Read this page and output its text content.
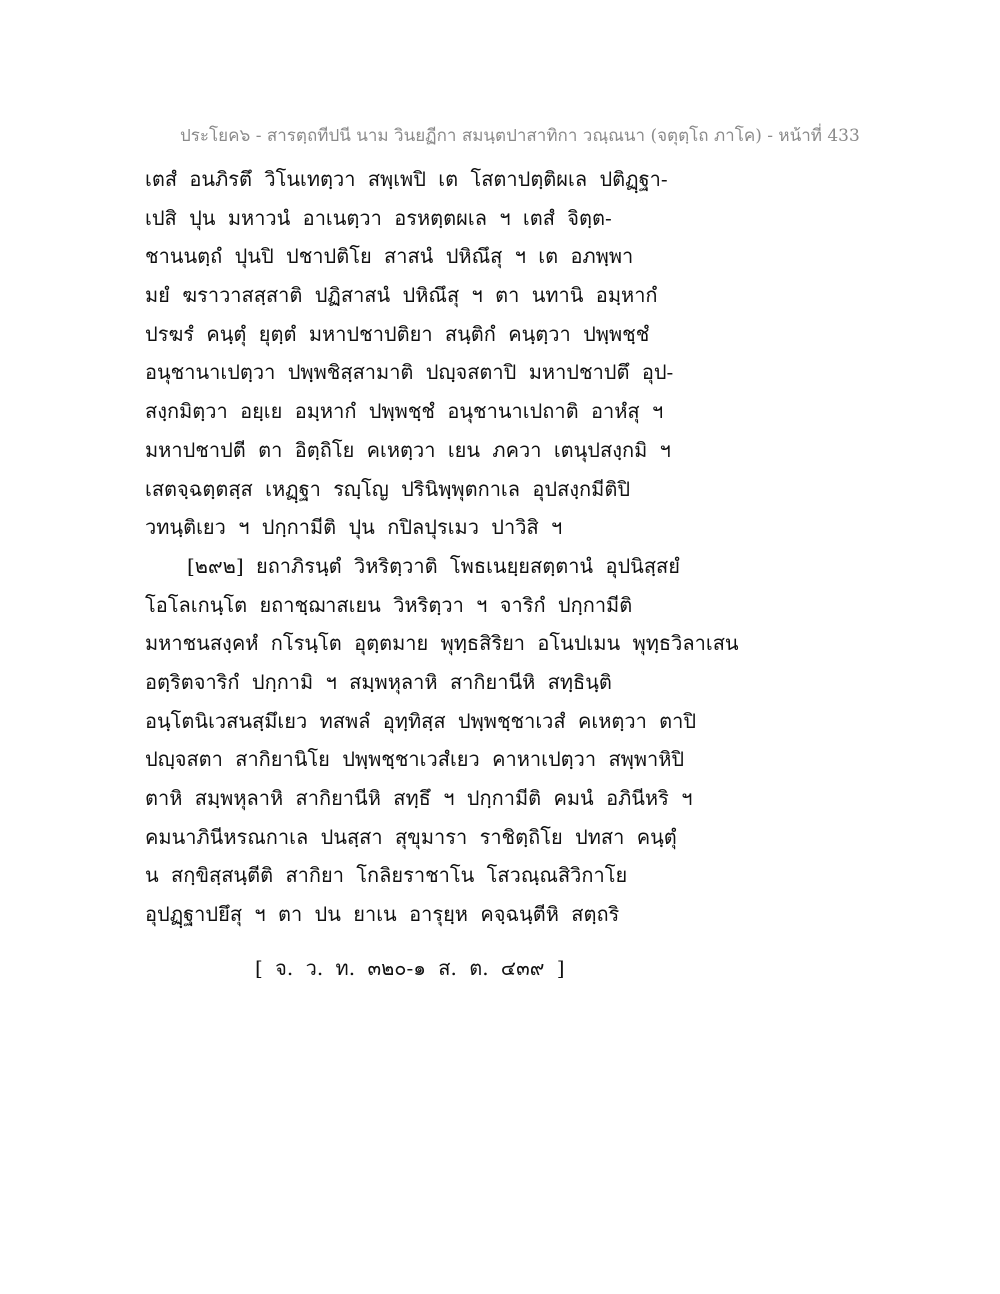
ประโยค๖ - สารตฺถทีปนี นาม วินยฏีกา สมนฺตปาสาทิกา วณฺณนา (จตุตฺโถ ภาโค) - หน้าที่ 433
เตสํ อนภิรตึ วิโนเทตฺวา สพฺเพปิ เต โสตาปตฺติผเล ปติฏฺฐา-
เปสิ ปุน มหาวนํ อาเนตฺวา อรหตฺตผเล ฯ เตสํ จิตฺต-
ชานนตฺถํ ปุนปิ ปชาปติโย สาสนํ ปหิณึสุ ฯ เต อภพฺพา
มยํ ฆราวาสสฺสาติ ปฏิสาสนํ ปหิณึสุ ฯ ตา นทานิ อมฺหากํ
ปรฆรํ คนฺตุํ ยุตฺตํ มหาปชาปติยา สนฺติกํ คนฺตฺวา ปพฺพชฺชํ
อนุชานาเปตฺวา ปพฺพชิสฺสามาติ ปญฺจสตาปิ มหาปชาปตึ อุป-
สงฺกมิตฺวา อยฺเย อมฺหากํ ปพฺพชฺชํ อนุชานาเปถาติ อาหํสุ ฯ
มหาปชาปตี ตา อิตฺถิโย คเหตฺวา เยน ภควา เตนุปสงฺกมิ ฯ
เสตจฺฉตฺตสฺส เหฏฺฐา รญฺโญ ปรินิพฺพุตกาเล อุปสงฺกมีติปิ
วทนฺติเยว ฯ ปกฺกามีติ ปุน กปิลปุรเมว ปาวิสิ ฯ
[๒๙๒] ยถาภิรนฺตํ วิหริตฺวาติ โพธเนยฺยสตฺตานํ อุปนิสฺสยํ
โอโลเกนฺโต ยถาชฺฌาสเยน วิหริตฺวา ฯ จาริกํ ปกฺกามีติ
มหาชนสงฺคหํ กโรนฺโต อุตฺตมาย พุทฺธสิริยา อโนปเมน พุทฺธวิลาเสน
อตฺริตจาริกํ ปกฺกามิ ฯ สมฺพหุลาหิ สากิยานีหิ สทฺธินฺติ
อนฺโตนิเวสนสฺมึเยว ทสพลํ อุทฺทิสฺส ปพฺพชฺชาเวสํ คเหตฺวา ตาปิ
ปญฺจสตา สากิยานิโย ปพฺพชฺชาเวสํเยว คาหาเปตฺวา สพฺพาหิปิ
ตาหิ สมฺพหุลาหิ สากิยานีหิ สทฺธึ ฯ ปกฺกามีติ คมนํ อภินีหริ ฯ
คมนาภินีหรณกาเล ปนสฺสา สุขุมารา ราชิตฺถิโย ปทสา คนฺตุํ
น สกฺขิสฺสนฺตีติ สากิยา โกลิยราชาโน โสวณฺณสิวิกาโย
อุปฏฺฐาปยึสุ ฯ ตา ปน ยาเน อารุยฺห คจฺฉนฺตีหิ สตฺถริ
[ จ. ว. ท. ๓๒๐-๑ ส. ต. ๔๓๙ ]
